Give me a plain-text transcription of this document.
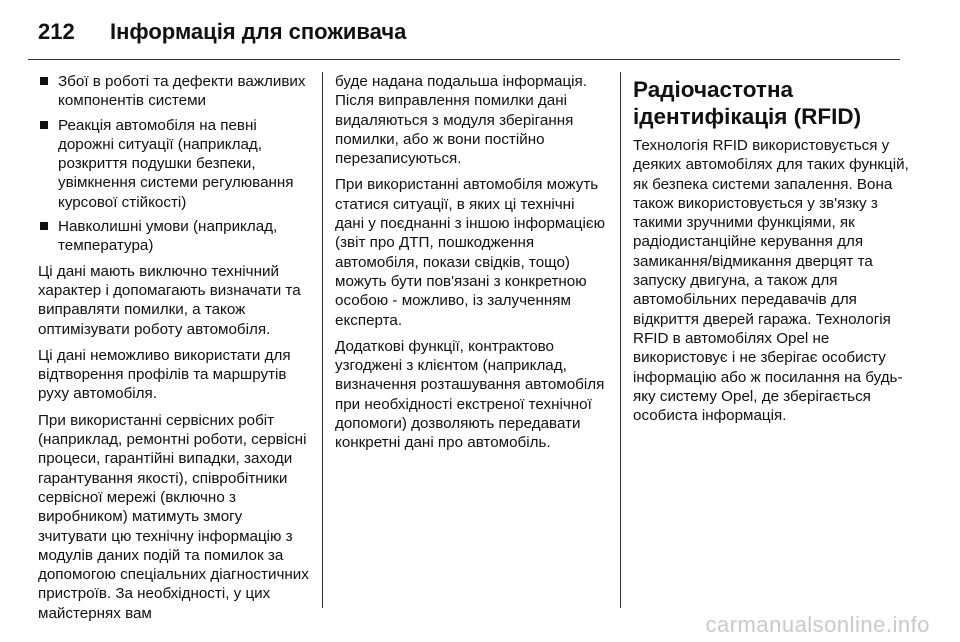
212	Інформація для споживача
Збої в роботі та дефекти важливих компонентів системи
Реакція автомобіля на певні дорожні ситуації (наприклад, розкриття подушки безпеки, увімкнення системи регулювання курсової стійкості)
Навколишні умови (наприклад, температура)

Ці дані мають виключно технічний характер і допомагають визначати та виправляти помилки, а також оптимізувати роботу автомобіля.

Ці дані неможливо використати для відтворення профілів та маршрутів руху автомобіля.

При використанні сервісних робіт (наприклад, ремонтні роботи, сервісні процеси, гарантійні випадки, заходи гарантування якості), співробітники сервісної мережі (включно з виробником) матимуть змогу зчитувати цю технічну інформацію з модулів даних подій та помилок за допомогою спеціальних діагностичних пристроїв. За необхідності, у цих майстернях вам

буде надана подальша інформація. Після виправлення помилки дані видаляються з модуля зберігання помилки, або ж вони постійно перезаписуються.

При використанні автомобіля можуть статися ситуації, в яких ці технічні дані у поєднанні з іншою інформацією (звіт про ДТП, пошкодження автомобіля, покази свідків, тощо) можуть бути пов'язані з конкретною особою - можливо, із залученням експерта.

Додаткові функції, контрактово узгоджені з клієнтом (наприклад, визначення розташування автомобіля при необхідності екстреної технічної допомоги) дозволяють передавати конкретні дані про автомобіль.

Радіочастотна ідентифікація (RFID)

Технологія RFID використовується у деяких автомобілях для таких функцій, як безпека системи запалення. Вона також використовується у зв'язку з такими зручними функціями, як радіодистанційне керування для замикання/відмикання дверцят та запуску двигуна, а також для автомобільних передавачів для відкриття дверей гаража. Технологія RFID в автомобілях Opel не використовує і не зберігає особисту інформацію або ж посилання на будь-яку систему Opel, де зберігається особиста інформація.

carmanualsonline.info
